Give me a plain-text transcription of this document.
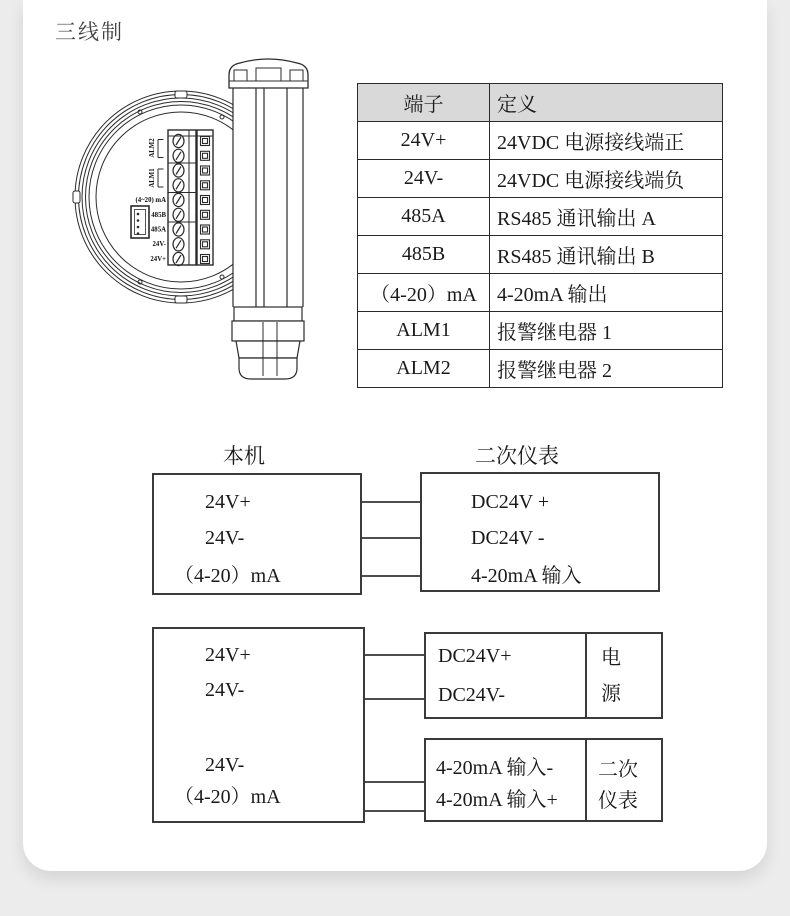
三线制
ALM2
ALM1
(4~20) mA
485B
485A
24V-
24V+
端子	定义
24V+	24VDC 电源接线端正
24V-	24VDC 电源接线端负
485A	RS485 通讯输出 A
485B	RS485 通讯输出 B
（4-20）mA	4-20mA 输出
ALM1	报警继电器 1
ALM2	报警继电器 2
本机	二次仪表
24V+
24V-
（4-20）mA
DC24V +
DC24V -
4-20mA 输入
24V+
24V-
24V-
（4-20）mA
DC24V+
DC24V-
电
源
4-20mA 输入-
4-20mA 输入+
二次
仪表
